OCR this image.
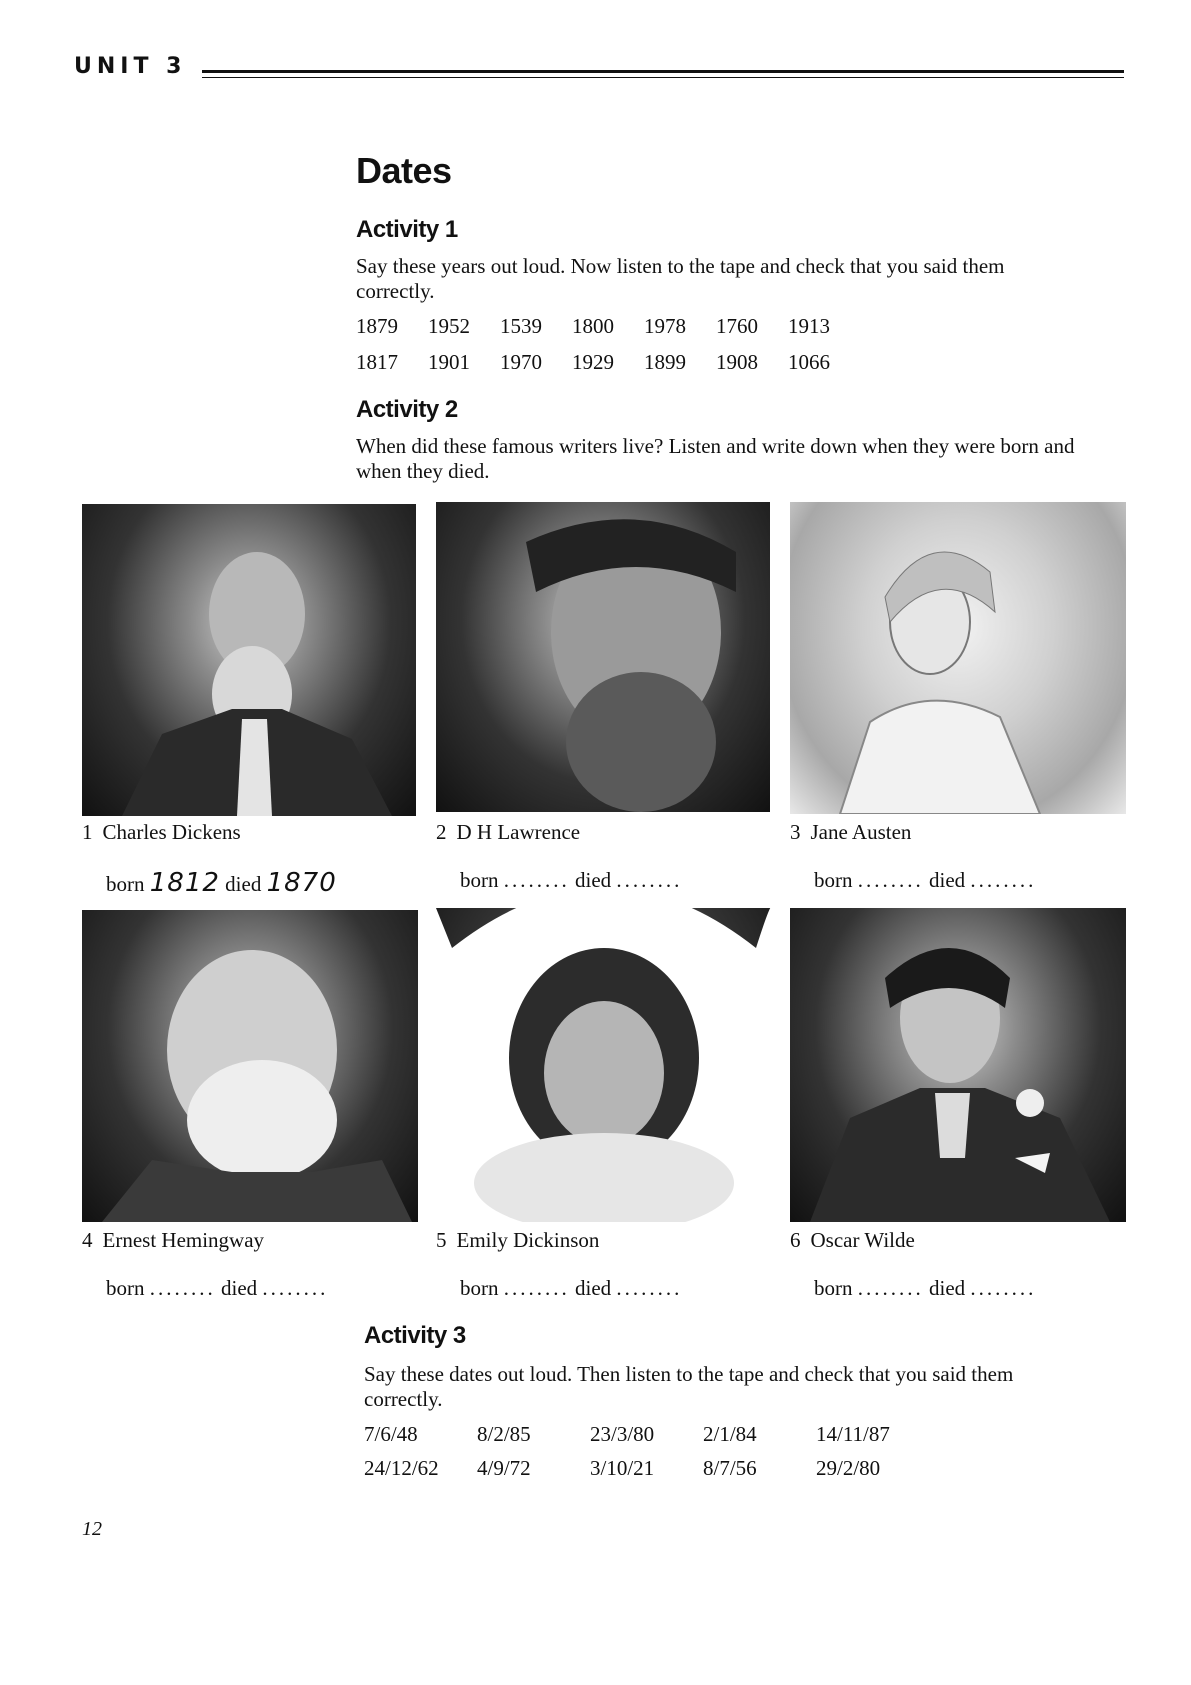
UNIT 3
Dates
Activity 1
Say these years out loud. Now listen to the tape and check that you said them correctly.
1879	1952	1539	1800	1978	1760	1913
1817	1901	1970	1929	1899	1908	1066
Activity 2
When did these famous writers live? Listen and write down when they were born and when they died.
1 Charles Dickens	2 D H Lawrence	3 Jane Austen
born 1812 died 1870	born ........ died ........	born ........ died ........
4 Ernest Hemingway	5 Emily Dickinson	6 Oscar Wilde
born ........ died ........	born ........ died ........	born ........ died ........
Activity 3
Say these dates out loud. Then listen to the tape and check that you said them correctly.
7/6/48	8/2/85	23/3/80	2/1/84	14/11/87
24/12/62	4/9/72	3/10/21	8/7/56	29/2/80
12
